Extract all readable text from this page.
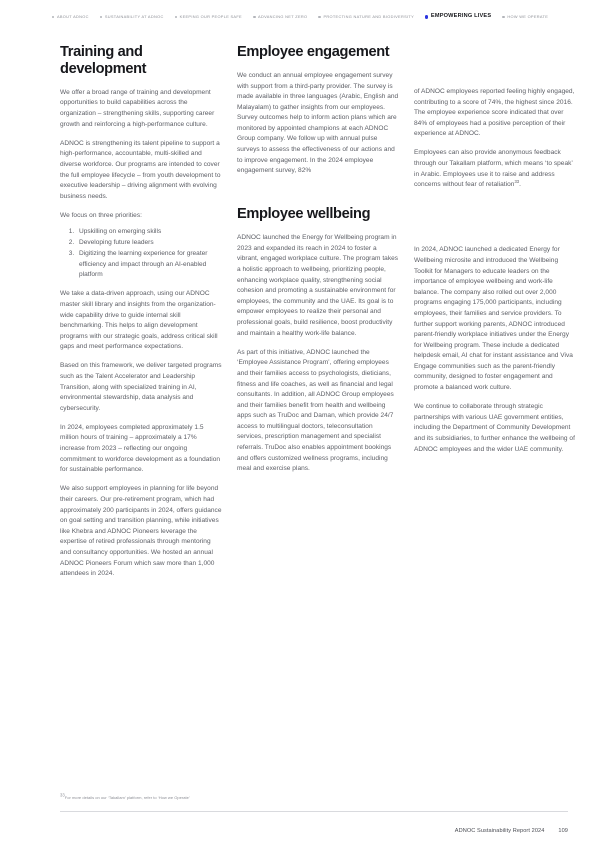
ABOUT ADNOC	SUSTAINABILITY AT ADNOC	KEEPING OUR PEOPLE SAFE	ADVANCING NET ZERO	PROTECTING NATURE AND BIODIVERSITY	EMPOWERING LIVES	HOW WE OPERATE
Training and development

We offer a broad range of training and development opportunities to build capabilities across the organization – strengthening skills, supporting career growth and reinforcing a high-performance culture.

ADNOC is strengthening its talent pipeline to support a high-performance, accountable, multi-skilled and diverse workforce. Our programs are intended to cover the full employee lifecycle – from youth development to executive leadership – driving alignment with evolving business needs.

We focus on three priorities:

1. Upskilling on emerging skills
2. Developing future leaders
3. Digitizing the learning experience for greater efficiency and impact through an AI-enabled platform

We take a data-driven approach, using our ADNOC master skill library and insights from the organization-wide capability drive to guide internal skill benchmarking. This helps to align development programs with our strategic goals, address critical skill gaps and meet performance expectations.

Based on this framework, we deliver targeted programs such as the Talent Accelerator and Leadership Transition, along with specialized training in AI, environmental stewardship, data analysis and cybersecurity.

In 2024, employees completed approximately 1.5 million hours of training – approximately a 17% increase from 2023 – reflecting our ongoing commitment to workforce development as a foundation for sustainable performance.

We also support employees in planning for life beyond their careers. Our pre-retirement program, which had approximately 200 participants in 2024, offers guidance on goal setting and transition planning, while initiatives like Khebra and ADNOC Pioneers leverage the expertise of retired professionals through mentoring and consultancy opportunities. We hosted an annual ADNOC Pioneers Forum which saw more than 1,000 attendees in 2024.

Employee engagement

We conduct an annual employee engagement survey with support from a third-party provider. The survey is made available in three languages (Arabic, English and Malayalam) to gather insights from our employees. Survey outcomes help to inform action plans which are monitored by appointed champions at each ADNOC Group company. We follow up with annual pulse surveys to assess the effectiveness of our actions and to improve engagement. In the 2024 employee engagement survey, 82%

Employee wellbeing

ADNOC launched the Energy for Wellbeing program in 2023 and expanded its reach in 2024 to foster a vibrant, engaged workplace culture. The program takes a holistic approach to wellbeing, prioritizing people, enhancing workplace quality, strengthening social cohesion and promoting a sustainable environment for employees, the community and the UAE. Its goal is to empower employees to realize their personal and professional goals, build resilience, boost productivity and maintain a healthy work-life balance.

As part of this initiative, ADNOC launched the ‘Employee Assistance Program’, offering employees and their families access to psychologists, dieticians, fitness and life coaches, as well as financial and legal consultants. In addition, all ADNOC Group employees and their families benefit from health and wellbeing apps such as TruDoc and Daman, which provide 24/7 access to multilingual doctors, teleconsultation services, prescription management and specialist referrals. TruDoc also enables appointment bookings and offers customized wellness programs, including meal and exercise plans.

of ADNOC employees reported feeling highly engaged, contributing to a score of 74%, the highest since 2016. The employee experience score indicated that over 84% of employees had a positive perception of their experience at ADNOC.

Employees can also provide anonymous feedback through our Takallam platform, which means ‘to speak’ in Arabic. Employees use it to raise and address concerns without fear of retaliation$^{33}$.

In 2024, ADNOC launched a dedicated Energy for Wellbeing microsite and introduced the Wellbeing Toolkit for Managers to educate leaders on the importance of employee wellbeing and work-life balance. The company also rolled out over 2,000 programs engaging 175,000 participants, including employees, their families and service providers. To further support working parents, ADNOC introduced parent-friendly workplace initiatives under the Energy for Wellbeing program. These include a dedicated helpdesk email, AI chat for instant assistance and Viva Engage communities such as the parent-friendly community, designed to foster engagement and promote a balanced work culture.

We continue to collaborate through strategic partnerships with various UAE government entities, including the Department of Community Development and its subsidiaries, to further enhance the wellbeing of ADNOC employees and the wider UAE community.

$^{33}$For more details on our ‘Takallam’ platform, refer to ‘How we Operate’
ADNOC Sustainability Report 2024	109
